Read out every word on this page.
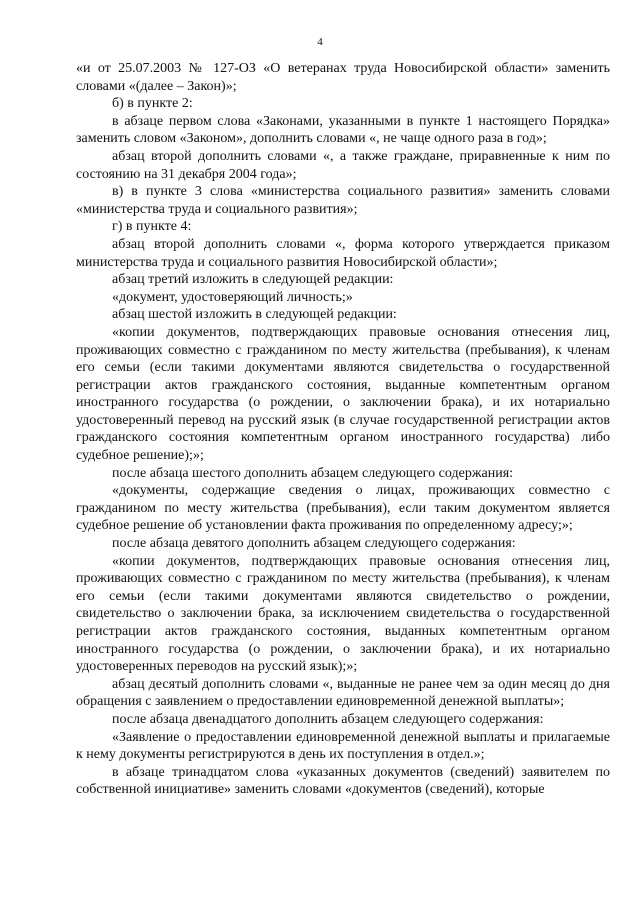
4

«и от 25.07.2003 № 127-ОЗ «О ветеранах труда Новосибирской области» заменить словами «(далее – Закон)»;

б) в пункте 2:

в абзаце первом слова «Законами, указанными в пункте 1 настоящего Порядка» заменить словом «Законом», дополнить словами «, не чаще одного раза в год»;

абзац второй дополнить словами «, а также граждане, приравненные к ним по состоянию на 31 декабря 2004 года»;

в) в пункте 3 слова «министерства социального развития» заменить словами «министерства труда и социального развития»;

г) в пункте 4:

абзац второй дополнить словами «, форма которого утверждается приказом министерства труда и социального развития Новосибирской области»;

абзац третий изложить в следующей редакции:

«документ, удостоверяющий личность;»

абзац шестой изложить в следующей редакции:

«копии документов, подтверждающих правовые основания отнесения лиц, проживающих совместно с гражданином по месту жительства (пребывания), к членам его семьи (если такими документами являются свидетельства о государственной регистрации актов гражданского состояния, выданные компетентным органом иностранного государства (о рождении, о заключении брака), и их нотариально удостоверенный перевод на русский язык (в случае государственной регистрации актов гражданского состояния компетентным органом иностранного государства) либо судебное решение);»;

после абзаца шестого дополнить абзацем следующего содержания:

«документы, содержащие сведения о лицах, проживающих совместно с гражданином по месту жительства (пребывания), если таким документом является судебное решение об установлении факта проживания по определенному адресу;»;

после абзаца девятого дополнить абзацем следующего содержания:

«копии документов, подтверждающих правовые основания отнесения лиц, проживающих совместно с гражданином по месту жительства (пребывания), к членам его семьи (если такими документами являются свидетельство о рождении, свидетельство о заключении брака, за исключением свидетельства о государственной регистрации актов гражданского состояния, выданных компетентным органом иностранного государства (о рождении, о заключении брака), и их нотариально удостоверенных переводов на русский язык);»;

абзац десятый дополнить словами «, выданные не ранее чем за один месяц до дня обращения с заявлением о предоставлении единовременной денежной выплаты»;

после абзаца двенадцатого дополнить абзацем следующего содержания:

«Заявление о предоставлении единовременной денежной выплаты и прилагаемые к нему документы регистрируются в день их поступления в отдел.»;

в абзаце тринадцатом слова «указанных документов (сведений) заявителем по собственной инициативе» заменить словами «документов (сведений), которые
